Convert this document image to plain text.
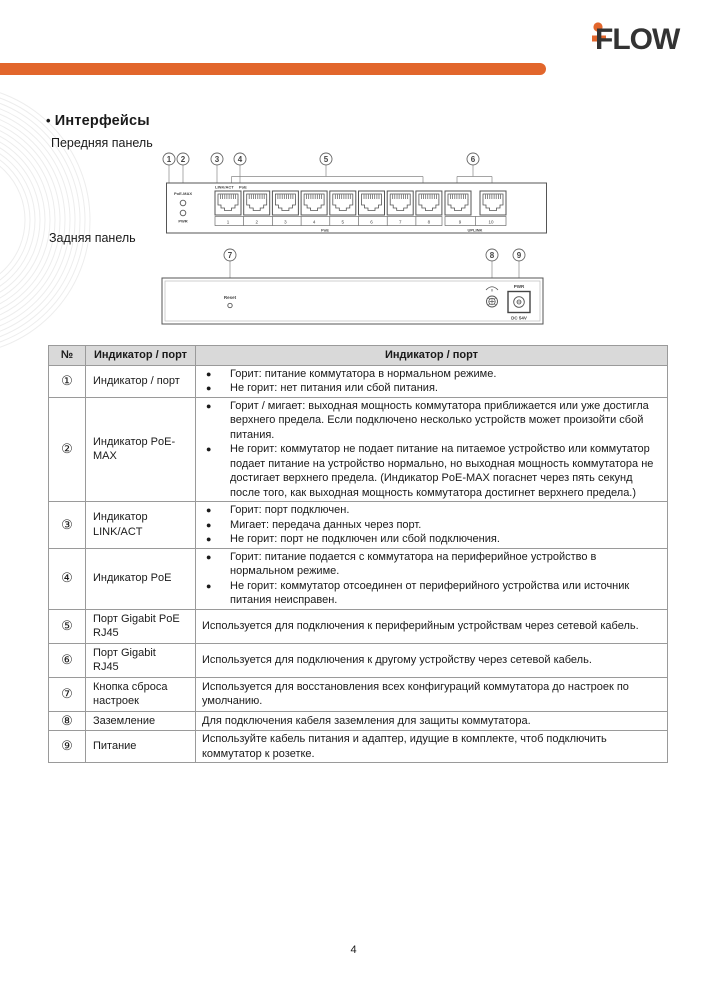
FLOW
• Интерфейсы
Передняя панель
Задняя панель
1 2	3 4	5	6
PoE-MAX
PWR
LINK/ACT PoE
1	2	3	4	5	6	7	8	9	10
PoE	UPLINK
7	8	9
Reset
PWR
DC 54V
№	Индикатор / порт	Индикатор / порт
①	Индикатор / порт	
● Горит: питание коммутатора в нормальном режиме.
● Не горит: нет питания или сбой питания.

②	Индикатор PoE-MAX	
● Горит / мигает: выходная мощность коммутатора приближается или уже достигла верхнего предела. Если подключено несколько устройств может произойти сбой питания.
● Не горит: коммутатор не подает питание на питаемое устройство или коммутатор подает питание на устройство нормально, но выходная мощность коммутатора не достигает верхнего предела. (Индикатор PoE-MAX погаснет через пять секунд после того, как выходная мощность коммутатора достигнет верхнего предела.)

③	Индикатор LINK/ACT	
● Горит: порт подключен.
● Мигает: передача данных через порт.
● Не горит: порт не подключен или сбой подключения.

④	Индикатор PoE	
● Горит: питание подается с коммутатора на периферийное устройство в нормальном режиме.
● Не горит: коммутатор отсоединен от периферийного устройства или источник питания неисправен.

⑤	Порт Gigabit PoE RJ45	Используется для подключения к периферийным устройствам через сетевой кабель.

⑥	Порт Gigabit RJ45	Используется для подключения к другому устройству через сетевой кабель.

⑦	Кнопка сброса настроек	Используется для восстановления всех конфигураций коммутатора до настроек по умолчанию.

⑧	Заземление	Для подключения кабеля заземления для защиты коммутатора.

⑨	Питание	Используйте кабель питания и адаптер, идущие в комплекте, чтоб подключить коммутатор к розетке.
4
